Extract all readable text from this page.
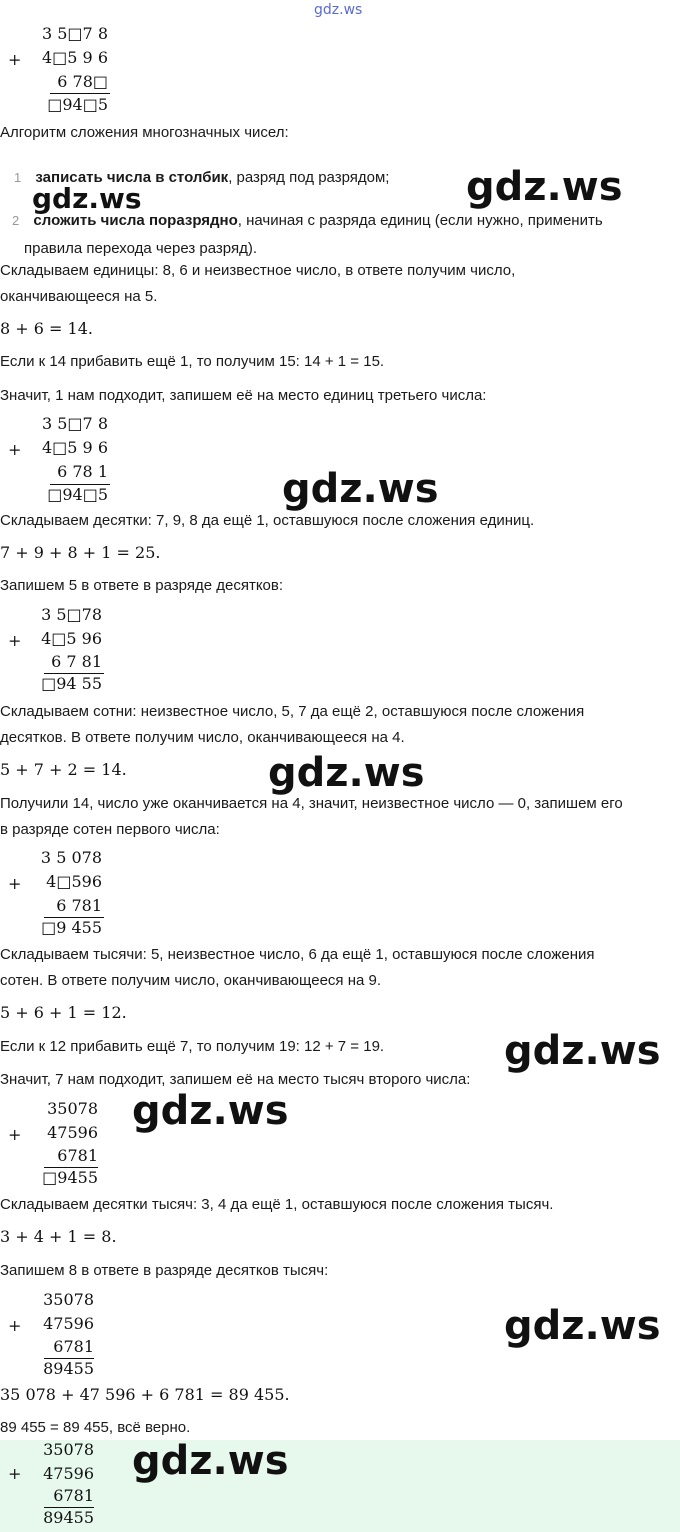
gdz.ws
+
3 5□7 8
4□5 9 6
6 78□
□94□5
Алгоритм сложения многозначных чисел:
1 записать числа в столбик, разряд под разрядом;
2 сложить числа поразрядно, начиная с разряда единиц (если нужно, применить
правила перехода через разряд).
gdz.ws	gdz.ws
Складываем единицы: 8, 6 и неизвестное число, в ответе получим число,
оканчивающееся на 5.
8 + 6 = 14.
Если к 14 прибавить ещё 1, то получим 15: 14 + 1 = 15.
Значит, 1 нам подходит, запишем её на место единиц третьего числа:
+
3 5□7 8
4□5 9 6
6 78 1
□94□5	gdz.ws
Складываем десятки: 7, 9, 8 да ещё 1, оставшуюся после сложения единиц.
7 + 9 + 8 + 1 = 25.
Запишем 5 в ответе в разряде десятков:
+
3 5□78
4□5 96
6 7 81
□94 55
Складываем сотни: неизвестное число, 5, 7 да ещё 2, оставшуюся после сложения
десятков. В ответе получим число, оканчивающееся на 4.
5 + 7 + 2 = 14.	gdz.ws
Получили 14, число уже оканчивается на 4, значит, неизвестное число — 0, запишем его
в разряде сотен первого числа:
+
3 5 078
4□596
6 781
□9 455
Складываем тысячи: 5, неизвестное число, 6 да ещё 1, оставшуюся после сложения
сотен. В ответе получим число, оканчивающееся на 9.
5 + 6 + 1 = 12.
Если к 12 прибавить ещё 7, то получим 19: 12 + 7 = 19.	gdz.ws
Значит, 7 нам подходит, запишем её на место тысяч второго числа:
+
35078
47596
6781
□9455
gdz.ws
Складываем десятки тысяч: 3, 4 да ещё 1, оставшуюся после сложения тысяч.
3 + 4 + 1 = 8.
Запишем 8 в ответе в разряде десятков тысяч:
+
35078
47596
6781
89455
gdz.ws
35 078 + 47 596 + 6 781 = 89 455.
89 455 = 89 455, всё верно.
+
35078
47596
6781
89455
gdz.ws
